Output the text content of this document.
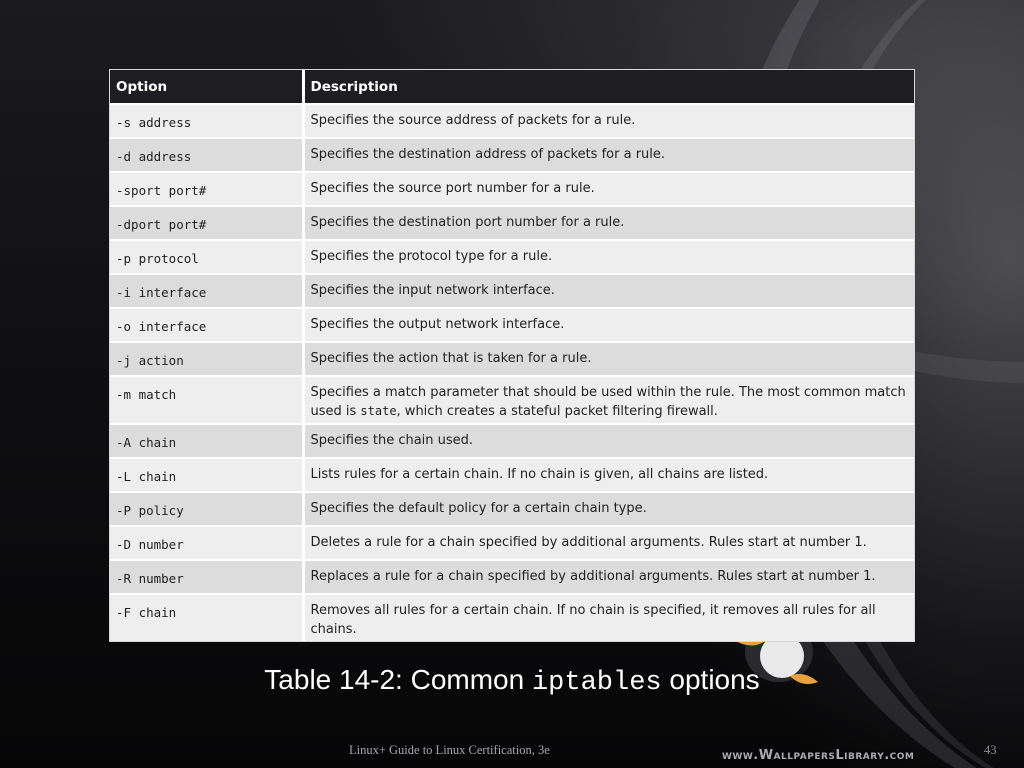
Option	Description
-s address	Specifies the source address of packets for a rule.
-d address	Specifies the destination address of packets for a rule.
-sport port#	Specifies the source port number for a rule.
-dport port#	Specifies the destination port number for a rule.
-p protocol	Specifies the protocol type for a rule.
-i interface	Specifies the input network interface.
-o interface	Specifies the output network interface.
-j action	Specifies the action that is taken for a rule.
-m match	Specifies a match parameter that should be used within the rule. The most common match used is state, which creates a stateful packet filtering firewall.
-A chain	Specifies the chain used.
-L chain	Lists rules for a certain chain. If no chain is given, all chains are listed.
-P policy	Specifies the default policy for a certain chain type.
-D number	Deletes a rule for a chain specified by additional arguments. Rules start at number 1.
-R number	Replaces a rule for a chain specified by additional arguments. Rules start at number 1.
-F chain	Removes all rules for a certain chain. If no chain is specified, it removes all rules for all chains.
Table 14-2: Common iptables options
Linux+ Guide to Linux Certification, 3e	43
www.WallpapersLibrary.com
